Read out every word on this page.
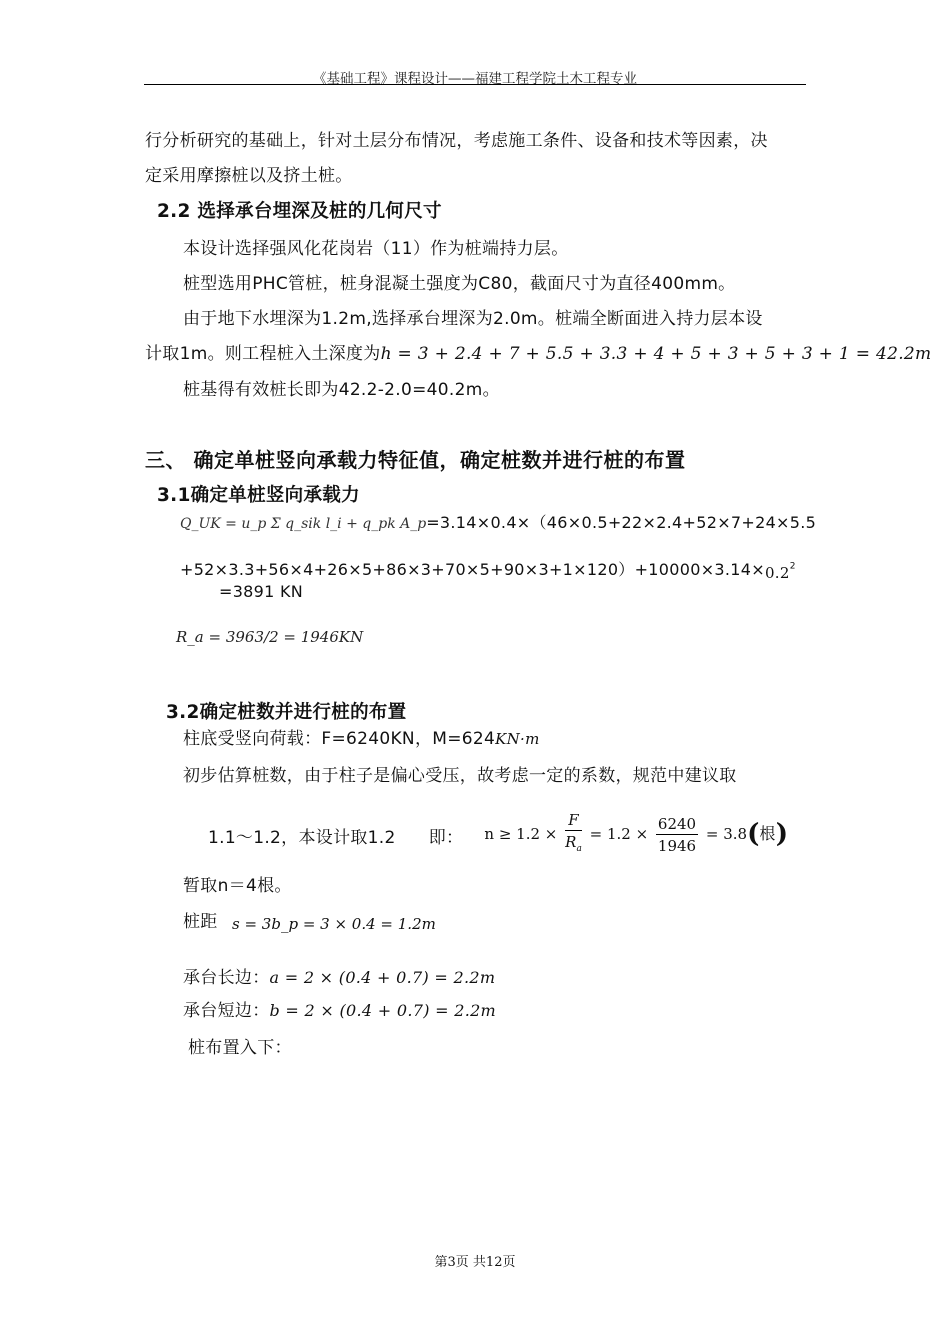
《基础工程》课程设计——福建工程学院土木工程专业
行分析研究的基础上，针对土层分布情况，考虑施工条件、设备和技术等因素，决
定采用摩擦桩以及挤土桩。
2.2 选择承台埋深及桩的几何尺寸
本设计选择强风化花岗岩（11）作为桩端持力层。
桩型选用PHC管桩，桩身混凝土强度为C80，截面尺寸为直径400mm。
由于地下水埋深为1.2m,选择承台埋深为2.0m。桩端全断面进入持力层本设
计取1m。则工程桩入土深度为h = 3 + 2.4 + 7 + 5.5 + 3.3 + 4 + 5 + 3 + 5 + 3 + 1 = 42.2m
桩基得有效桩长即为42.2-2.0=40.2m。
三、 确定单桩竖向承载力特征值，确定桩数并进行桩的布置
3.1确定单桩竖向承载力
Q_UK = u_p Σ q_sik l_i + q_pk A_p=3.14×0.4×（46×0.5+22×2.4+52×7+24×5.5
$+52\times 3.3+56\times 4+26\times 5+86\times 3+70\times 5+90\times 3+1\times 120)+10000\times 3.14\times 0.2^2$
=3891 KN
R_a = 3963/2 = 1946KN
3.2确定桩数并进行桩的布置
柱底受竖向荷载：F=6240KN，M=624KN·m
初步估算桩数，由于柱子是偏心受压，故考虑一定的系数，规范中建议取
1.1～1.2，本设计取1.2 即： $n \ge 1.2 \times \frac{F}{R_a} = 1.2 \times \frac{6240}{1946} = 3.8$(根)
暂取n＝4根。
桩距 s = 3b_p = 3 × 0.4 = 1.2m
承台长边：a = 2 × (0.4 + 0.7) = 2.2m
承台短边：b = 2 × (0.4 + 0.7) = 2.2m
桩布置入下：
第3页 共12页
